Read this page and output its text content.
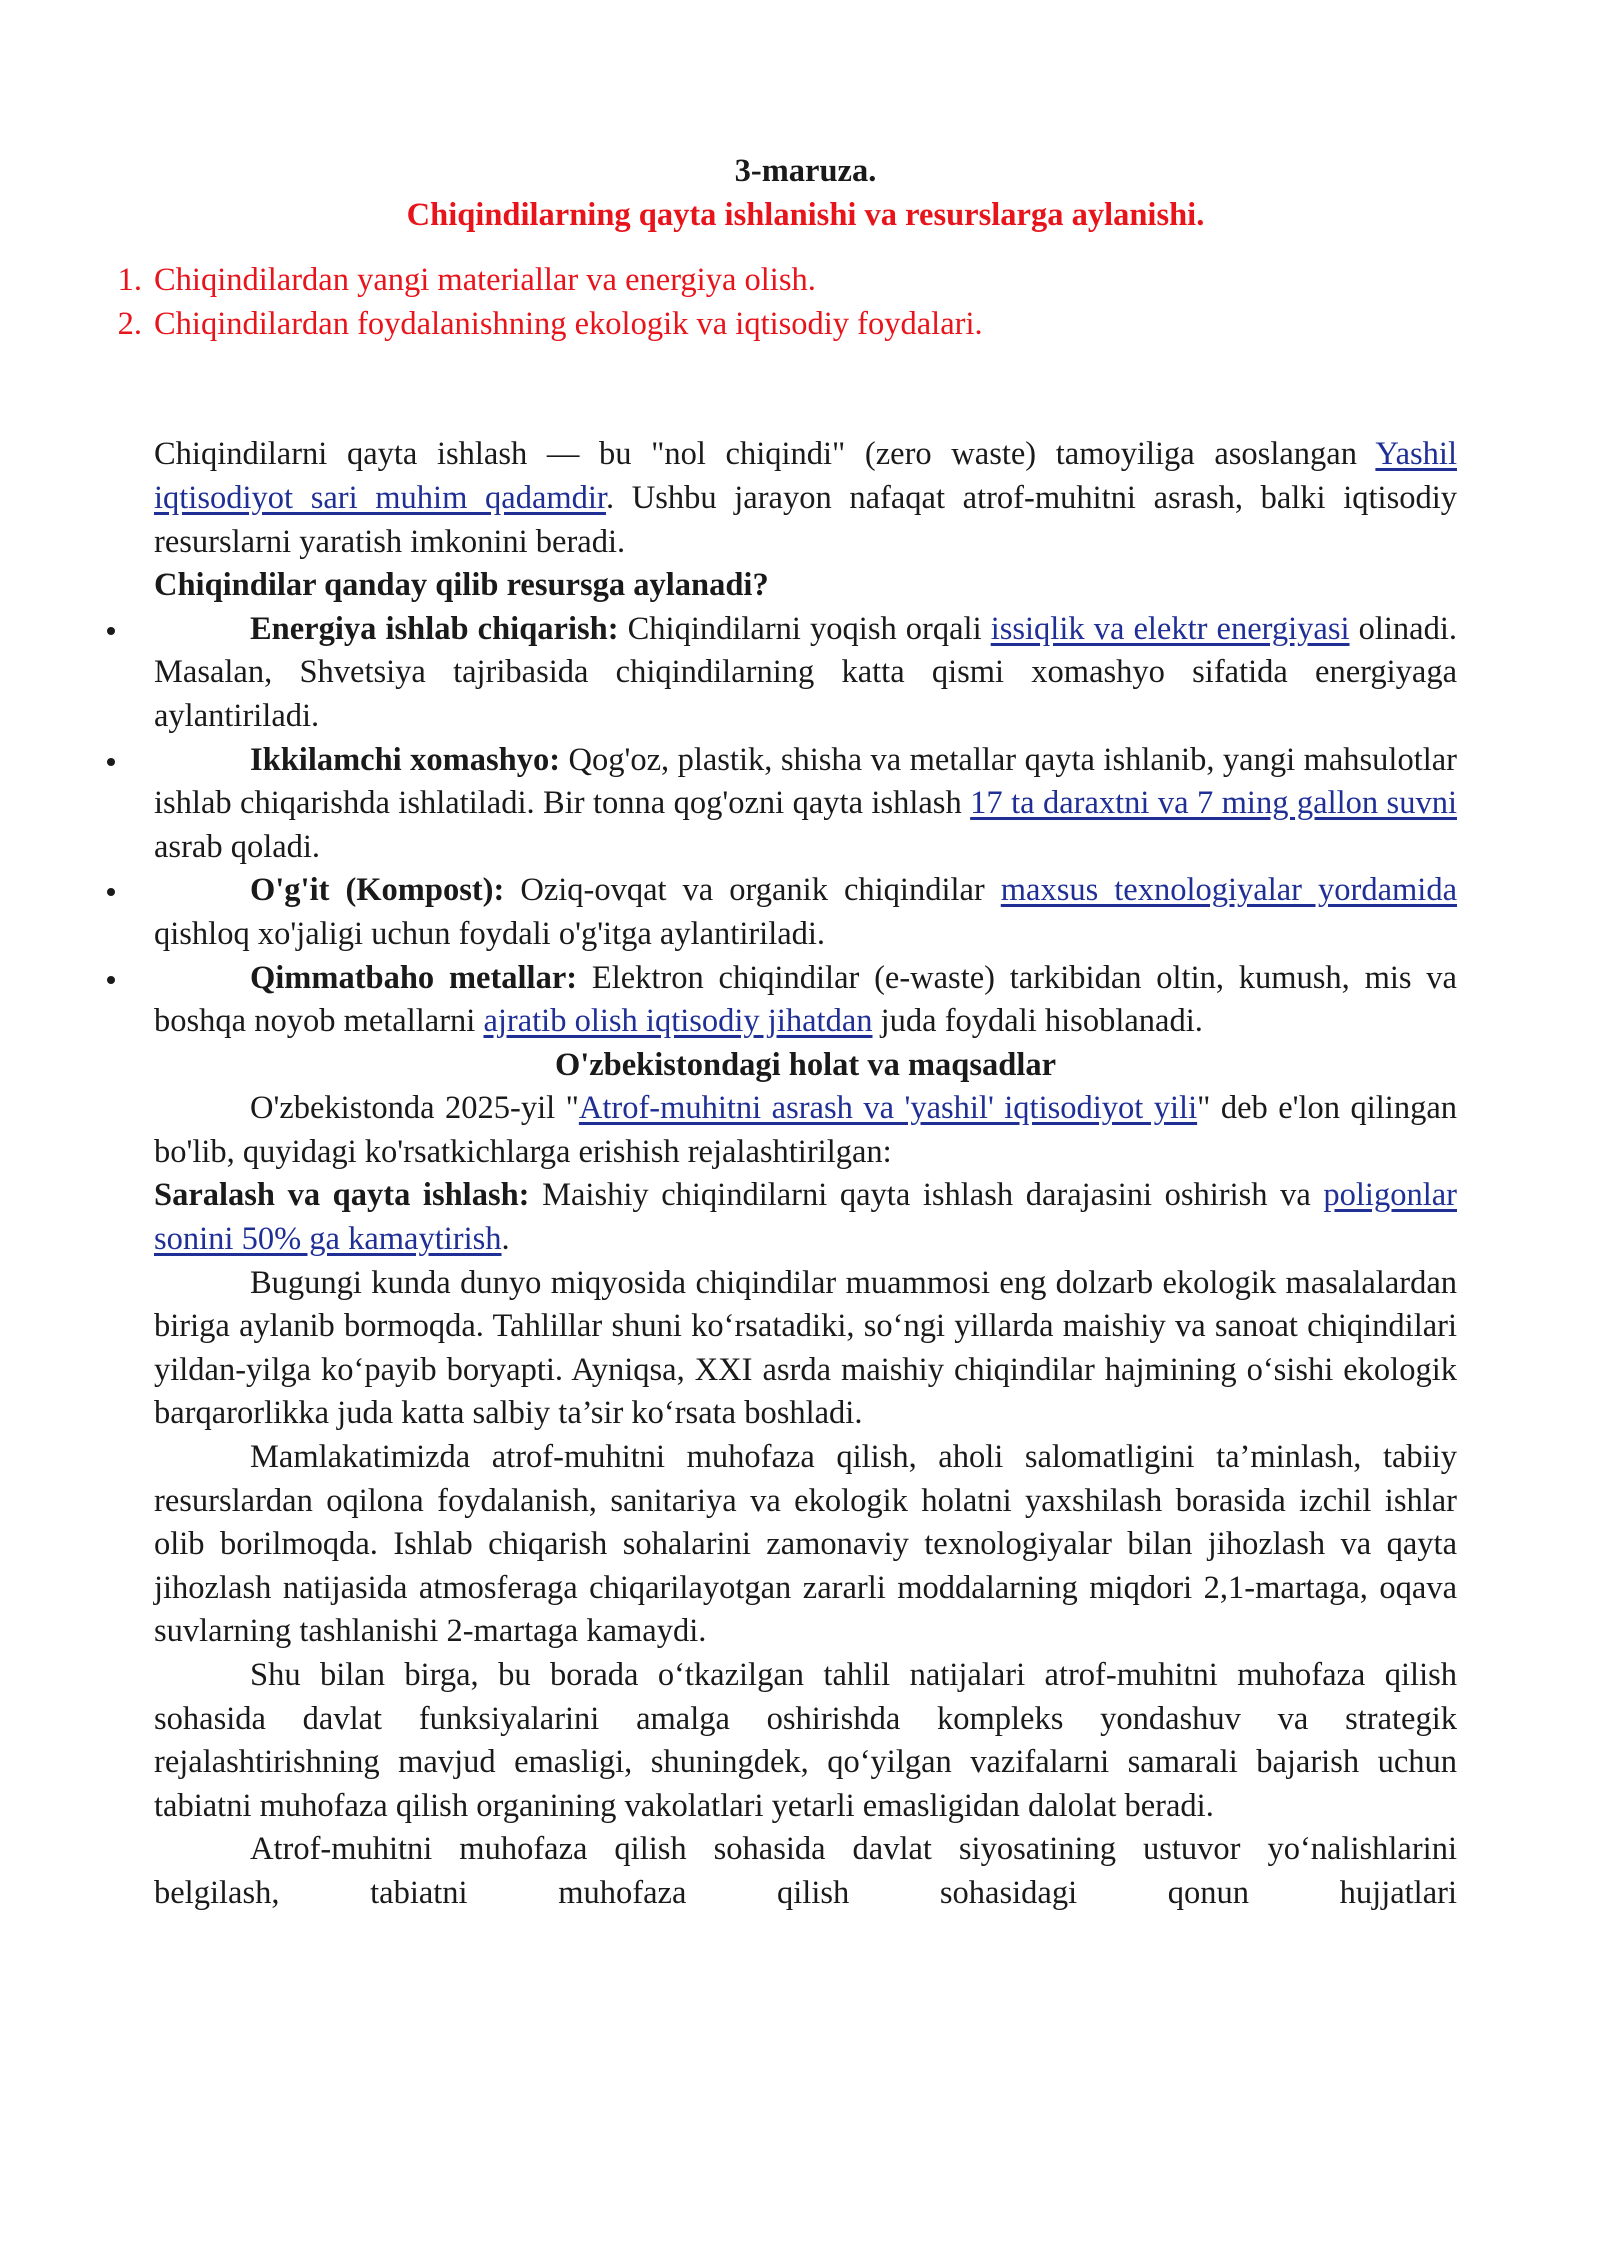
3-maruza.

Chiqindilarning qayta ishlanishi va resurslarga aylanishi.

1. Chiqindilardan yangi materiallar va energiya olish.
2. Chiqindilardan foydalanishning ekologik va iqtisodiy foydalari.

Chiqindilarni qayta ishlash — bu "nol chiqindi" (zero waste) tamoyiliga asoslangan Yashil iqtisodiyot sari muhim qadamdir. Ushbu jarayon nafaqat atrof-muhitni asrash, balki iqtisodiy resurslarni yaratish imkonini beradi.

Chiqindilar qanday qilib resursga aylanadi?

Energiya ishlab chiqarish: Chiqindilarni yoqish orqali issiqlik va elektr energiyasi olinadi. Masalan, Shvetsiya tajribasida chiqindilarning katta qismi xomashyo sifatida energiyaga aylantiriladi.
Ikkilamchi xomashyo: Qog'oz, plastik, shisha va metallar qayta ishlanib, yangi mahsulotlar ishlab chiqarishda ishlatiladi. Bir tonna qog'ozni qayta ishlash 17 ta daraxtni va 7 ming gallon suvni asrab qoladi.
O'g'it (Kompost): Oziq-ovqat va organik chiqindilar maxsus texnologiyalar yordamida qishloq xo'jaligi uchun foydali o'g'itga aylantiriladi.
Qimmatbaho metallar: Elektron chiqindilar (e-waste) tarkibidan oltin, kumush, mis va boshqa noyob metallarni ajratib olish iqtisodiy jihatdan juda foydali hisoblanadi.

O'zbekistondagi holat va maqsadlar

O'zbekistonda 2025-yil "Atrof-muhitni asrash va 'yashil' iqtisodiyot yili" deb e'lon qilingan bo'lib, quyidagi ko'rsatkichlarga erishish rejalashtirilgan:

Saralash va qayta ishlash: Maishiy chiqindilarni qayta ishlash darajasini oshirish va poligonlar sonini 50% ga kamaytirish.

Bugungi kunda dunyo miqyosida chiqindilar muammosi eng dolzarb ekologik masalalardan biriga aylanib bormoqda. Tahlillar shuni ko‘rsatadiki, so‘ngi yillarda maishiy va sanoat chiqindilari yildan-yilga ko‘payib boryapti. Ayniqsa, XXI asrda maishiy chiqindilar hajmining o‘sishi ekologik barqarorlikka juda katta salbiy ta’sir ko‘rsata boshladi.

Mamlakatimizda atrof-muhitni muhofaza qilish, aholi salomatligini ta’minlash, tabiiy resurslardan oqilona foydalanish, sanitariya va ekologik holatni yaxshilash borasida izchil ishlar olib borilmoqda. Ishlab chiqarish sohalarini zamonaviy texnologiyalar bilan jihozlash va qayta jihozlash natijasida atmosferaga chiqarilayotgan zararli moddalarning miqdori 2,1-martaga, oqava suvlarning tashlanishi 2-martaga kamaydi.

Shu bilan birga, bu borada o‘tkazilgan tahlil natijalari atrof-muhitni muhofaza qilish sohasida davlat funksiyalarini amalga oshirishda kompleks yondashuv va strategik rejalashtirishning mavjud emasligi, shuningdek, qo‘yilgan vazifalarni samarali bajarish uchun tabiatni muhofaza qilish organining vakolatlari yetarli emasligidan dalolat beradi.

Atrof-muhitni muhofaza qilish sohasida davlat siyosatining ustuvor yo‘nalishlarini belgilash, tabiatni muhofaza qilish sohasidagi qonun hujjatlari
